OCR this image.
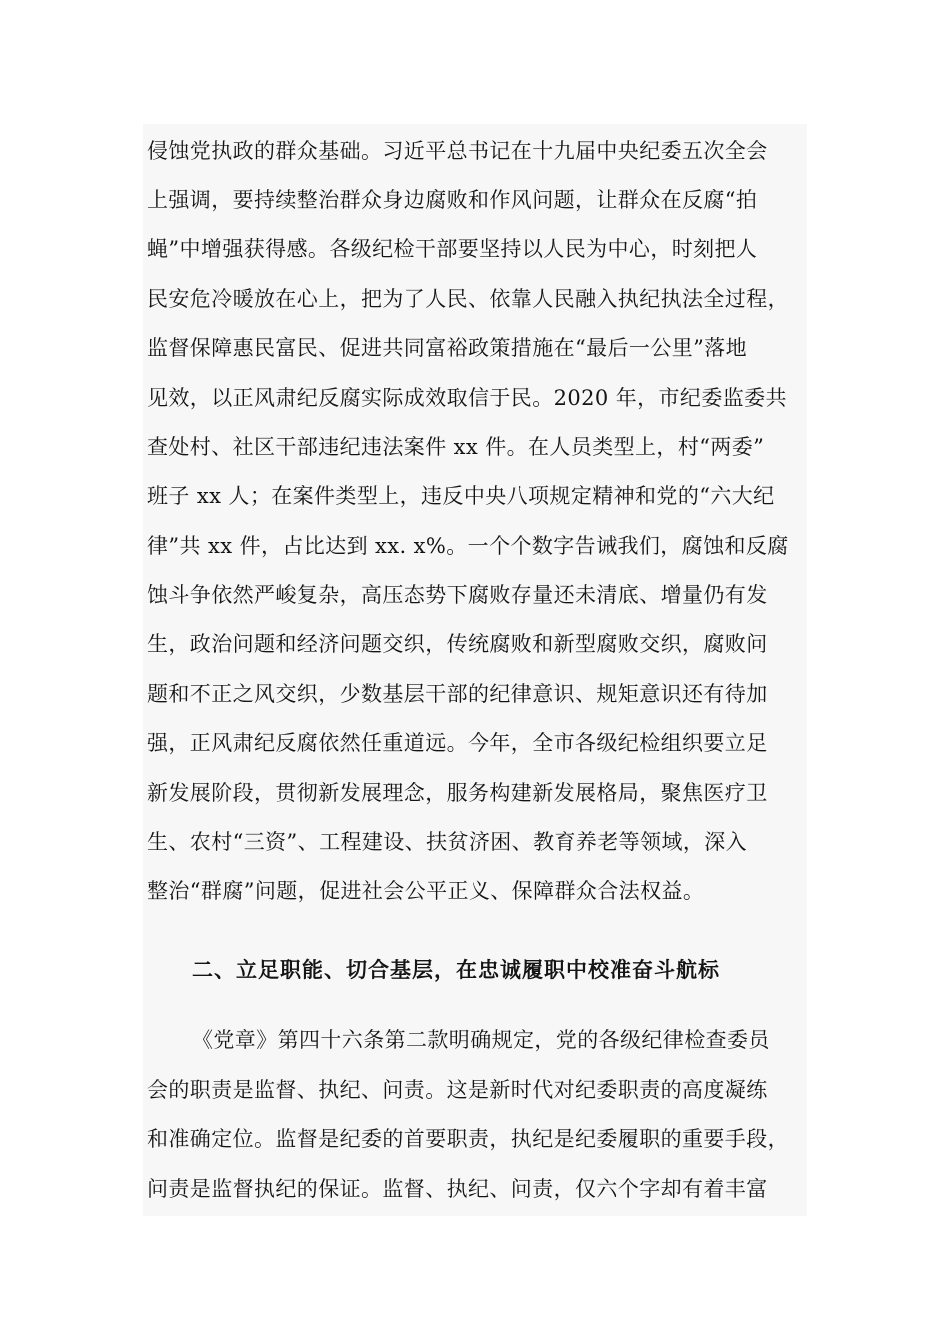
侵蚀党执政的群众基础。习近平总书记在十九届中央纪委五次全会
上强调，要持续整治群众身边腐败和作风问题，让群众在反腐“拍
蝇”中增强获得感。各级纪检干部要坚持以人民为中心，时刻把人
民安危冷暖放在心上，把为了人民、依靠人民融入执纪执法全过程，
监督保障惠民富民、促进共同富裕政策措施在“最后一公里”落地
见效，以正风肃纪反腐实际成效取信于民。2020 年，市纪委监委共
查处村、社区干部违纪违法案件 xx 件。在人员类型上，村“两委”
班子 xx 人；在案件类型上，违反中央八项规定精神和党的“六大纪
律”共 xx 件，占比达到 xx. x%。一个个数字告诫我们，腐蚀和反腐
蚀斗争依然严峻复杂，高压态势下腐败存量还未清底、增量仍有发
生，政治问题和经济问题交织，传统腐败和新型腐败交织，腐败问
题和不正之风交织，少数基层干部的纪律意识、规矩意识还有待加
强，正风肃纪反腐依然任重道远。今年，全市各级纪检组织要立足
新发展阶段，贯彻新发展理念，服务构建新发展格局，聚焦医疗卫
生、农村“三资”、工程建设、扶贫济困、教育养老等领域，深入
整治“群腐”问题，促进社会公平正义、保障群众合法权益。
二、立足职能、切合基层，在忠诚履职中校准奋斗航标
《党章》第四十六条第二款明确规定，党的各级纪律检查委员
会的职责是监督、执纪、问责。这是新时代对纪委职责的高度凝练
和准确定位。监督是纪委的首要职责，执纪是纪委履职的重要手段，
问责是监督执纪的保证。监督、执纪、问责，仅六个字却有着丰富
